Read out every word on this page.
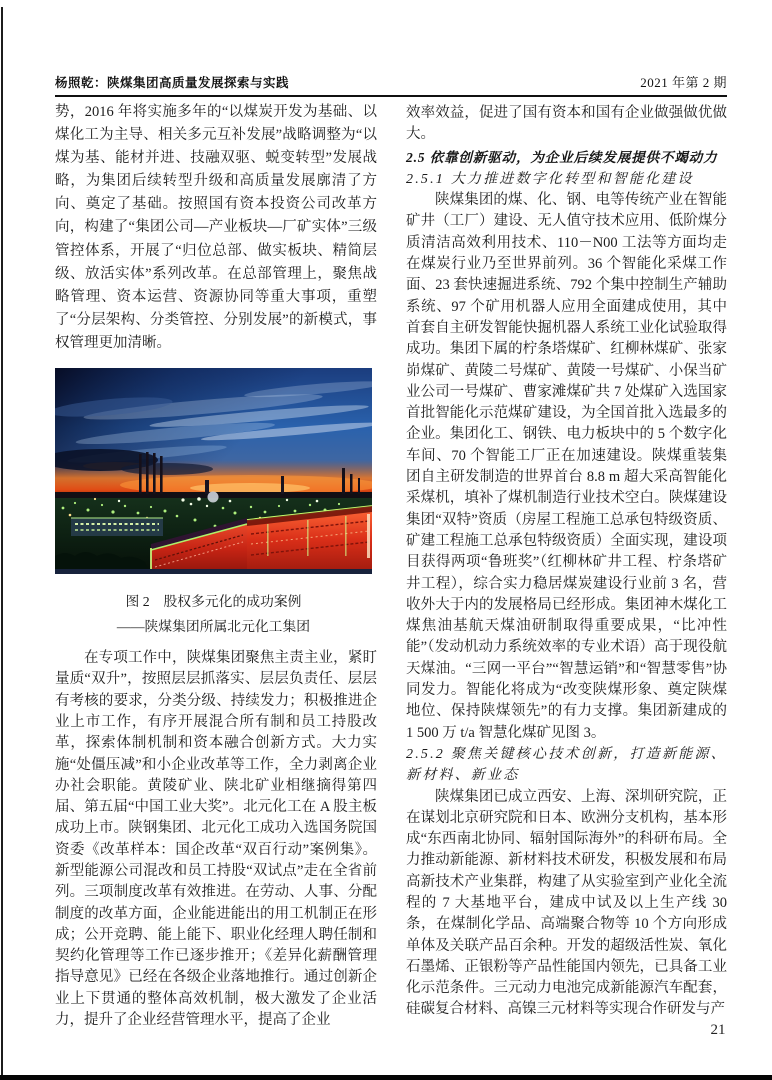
杨照乾：陕煤集团高质量发展探索与实践	2021 年第 2 期

势，2016 年将实施多年的“以煤炭开发为基础、以煤化工为主导、相关多元互补发展”战略调整为“以煤为基、能材并进、技融双驱、蜕变转型”发展战略，为集团后续转型升级和高质量发展廓清了方向、奠定了基础。按照国有资本投资公司改革方向，构建了“集团公司—产业板块—厂矿实体”三级管控体系，开展了“归位总部、做实板块、精简层级、放活实体”系列改革。在总部管理上，聚焦战略管理、资本运营、资源协同等重大事项，重塑了“分层架构、分类管控、分别发展”的新模式，事权管理更加清晰。

图 2　股权多元化的成功案例
——陕煤集团所属北元化工集团

在专项工作中，陕煤集团聚焦主责主业，紧盯量质“双升”，按照层层抓落实、层层负责任、层层有考核的要求，分类分级、持续发力；积极推进企业上市工作，有序开展混合所有制和员工持股改革，探索体制机制和资本融合创新方式。大力实施“处僵压减”和小企业改革等工作，全力剥离企业办社会职能。黄陵矿业、陕北矿业相继摘得第四届、第五届“中国工业大奖”。北元化工在 A 股主板成功上市。陕钢集团、北元化工成功入选国务院国资委《改革样本：国企改革“双百行动”案例集》。新型能源公司混改和员工持股“双试点”走在全省前列。三项制度改革有效推进。在劳动、人事、分配制度的改革方面，企业能进能出的用工机制正在形成；公开竞聘、能上能下、职业化经理人聘任制和契约化管理等工作已逐步推开；《差异化薪酬管理指导意见》已经在各级企业落地推行。通过创新企业上下贯通的整体高效机制，极大激发了企业活力，提升了企业经营管理水平，提高了企业

效率效益，促进了国有资本和国有企业做强做优做大。

2.5 依靠创新驱动，为企业后续发展提供不竭动力
2.5.1 大力推进数字化转型和智能化建设

陕煤集团的煤、化、钢、电等传统产业在智能矿井（工厂）建设、无人值守技术应用、低阶煤分质清洁高效利用技术、110－N00 工法等方面均走在煤炭行业乃至世界前列。36 个智能化采煤工作面、23 套快速掘进系统、792 个集中控制生产辅助系统、97 个矿用机器人应用全面建成使用，其中首套自主研发智能快掘机器人系统工业化试验取得成功。集团下属的柠条塔煤矿、红柳林煤矿、张家峁煤矿、黄陵二号煤矿、黄陵一号煤矿、小保当矿业公司一号煤矿、曹家滩煤矿共 7 处煤矿入选国家首批智能化示范煤矿建设，为全国首批入选最多的企业。集团化工、钢铁、电力板块中的 5 个数字化车间、70 个智能工厂正在加速建设。陕煤重装集团自主研发制造的世界首台 8.8 m 超大采高智能化采煤机，填补了煤机制造行业技术空白。陕煤建设集团“双特”资质（房屋工程施工总承包特级资质、矿建工程施工总承包特级资质）全面实现，建设项目获得两项“鲁班奖”（红柳林矿井工程、柠条塔矿井工程），综合实力稳居煤炭建设行业前 3 名，营收外大于内的发展格局已经形成。集团神木煤化工煤焦油基航天煤油研制取得重要成果，“比冲性能”（发动机动力系统效率的专业术语）高于现役航天煤油。“三网一平台”“智慧运销”和“智慧零售”协同发力。智能化将成为“改变陕煤形象、奠定陕煤地位、保持陕煤领先”的有力支撑。集团新建成的 1 500 万 t/a 智慧化煤矿见图 3。

2.5.2 聚焦关键核心技术创新，打造新能源、新材料、新业态

陕煤集团已成立西安、上海、深圳研究院，正在谋划北京研究院和日本、欧洲分支机构，基本形成“东西南北协同、辐射国际海外”的科研布局。全力推动新能源、新材料技术研发，积极发展和布局高新技术产业集群，构建了从实验室到产业化全流程的 7 大基地平台，建成中试及以上生产线 30 条，在煤制化学品、高端聚合物等 10 个方向形成单体及关联产品百余种。开发的超级活性炭、氧化石墨烯、正银粉等产品性能国内领先，已具备工业化示范条件。三元动力电池完成新能源汽车配套，硅碳复合材料、高镍三元材料等实现合作研发与产

21
